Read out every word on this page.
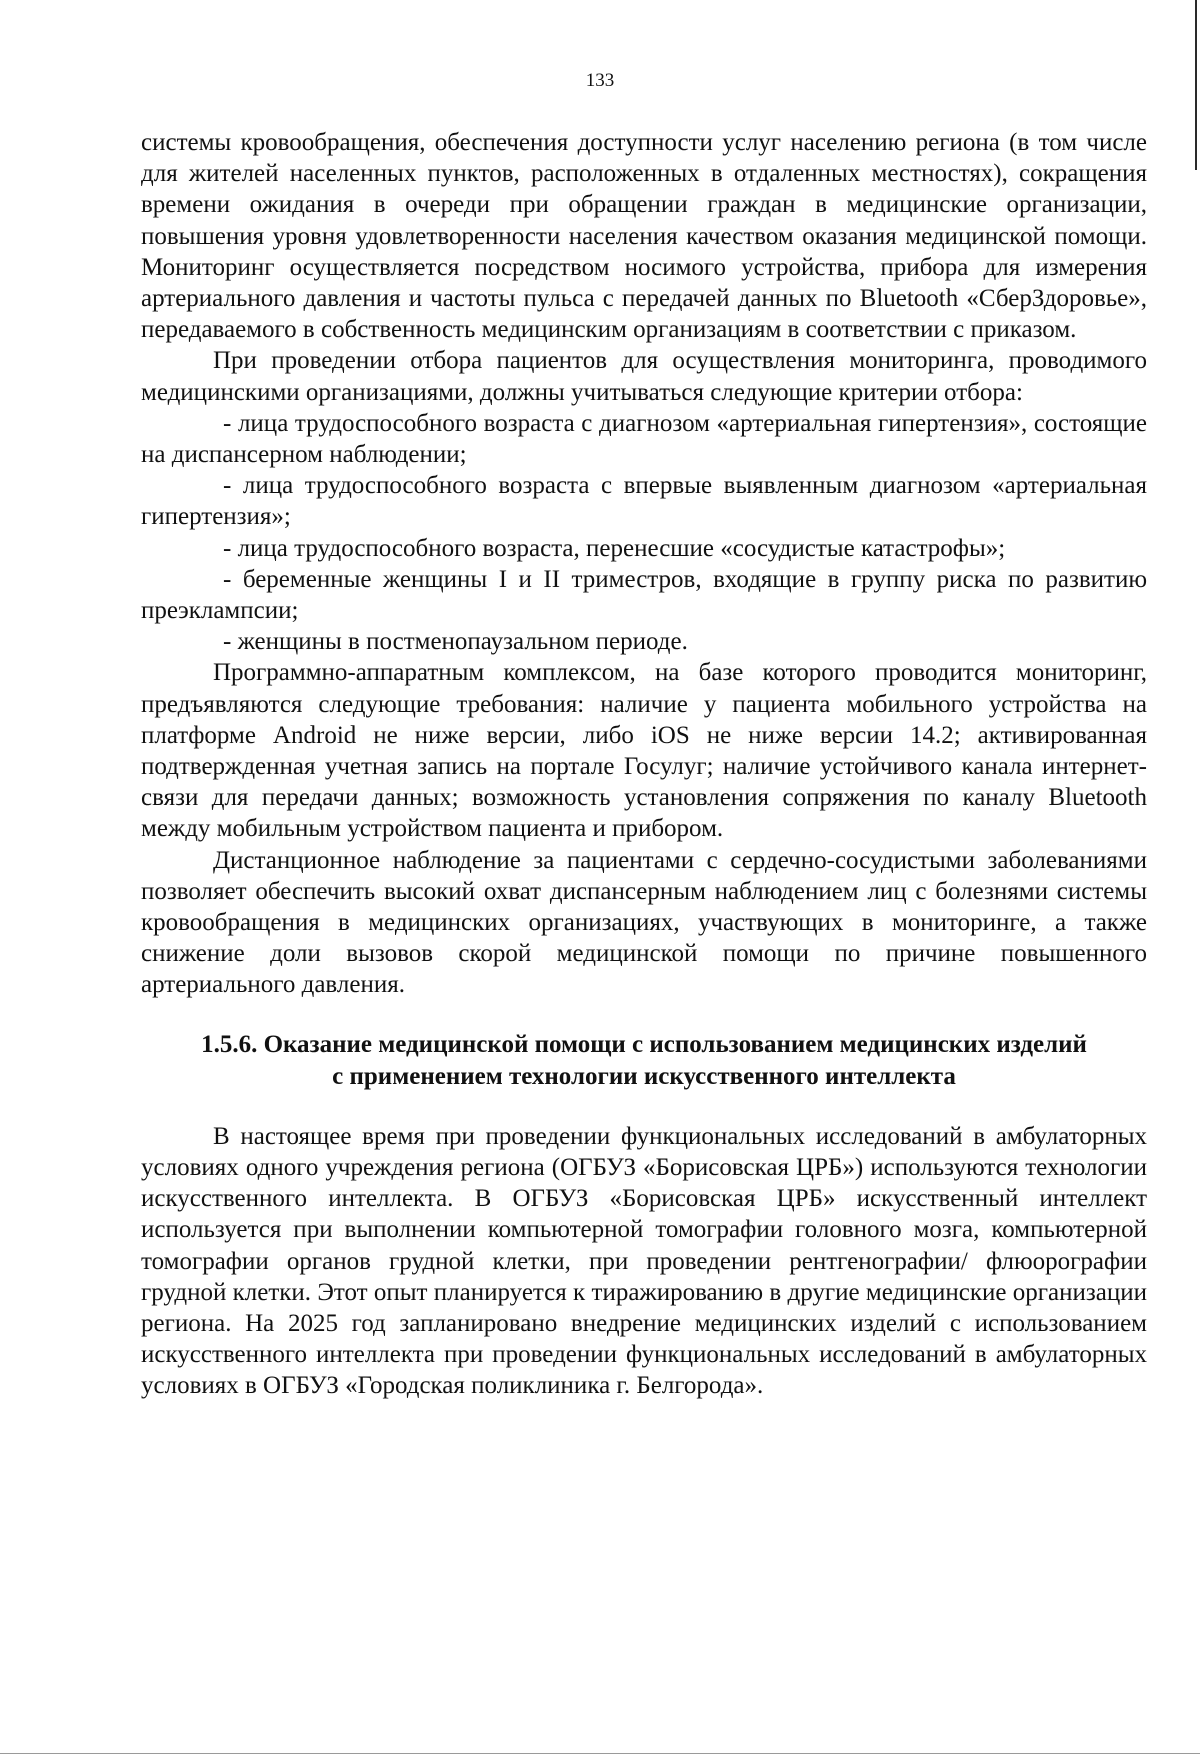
133

системы кровообращения, обеспечения доступности услуг населению региона (в том числе для жителей населенных пунктов, расположенных в отдаленных местностях), сокращения времени ожидания в очереди при обращении граждан в медицинские организации, повышения уровня удовлетворенности населения качеством оказания медицинской помощи. Мониторинг осуществляется посредством носимого устройства, прибора для измерения артериального давления и частоты пульса с передачей данных по Bluetooth «СберЗдоровье», передаваемого в собственность медицинским организациям в соответствии с приказом.

При проведении отбора пациентов для осуществления мониторинга, проводимого медицинскими организациями, должны учитываться следующие критерии отбора:

- лица трудоспособного возраста с диагнозом «артериальная гипертензия», состоящие на диспансерном наблюдении;

- лица трудоспособного возраста с впервые выявленным диагнозом «артериальная гипертензия»;

- лица трудоспособного возраста, перенесшие «сосудистые катастрофы»;

- беременные женщины I и II триместров, входящие в группу риска по развитию преэклампсии;

- женщины в постменопаузальном периоде.

Программно-аппаратным комплексом, на базе которого проводится мониторинг, предъявляются следующие требования: наличие у пациента мобильного устройства на платформе Android не ниже версии, либо iOS не ниже версии 14.2; активированная подтвержденная учетная запись на портале Госулуг; наличие устойчивого канала интернет-связи для передачи данных; возможность установления сопряжения по каналу Bluetooth между мобильным устройством пациента и прибором.

Дистанционное наблюдение за пациентами с сердечно-сосудистыми заболеваниями позволяет обеспечить высокий охват диспансерным наблюдением лиц с болезнями системы кровообращения в медицинских организациях, участвующих в мониторинге, а также снижение доли вызовов скорой медицинской помощи по причине повышенного артериального давления.

1.5.6. Оказание медицинской помощи с использованием медицинских изделий с применением технологии искусственного интеллекта

В настоящее время при проведении функциональных исследований в амбулаторных условиях одного учреждения региона (ОГБУЗ «Борисовская ЦРБ») используются технологии искусственного интеллекта. В ОГБУЗ «Борисовская ЦРБ» искусственный интеллект используется при выполнении компьютерной томографии головного мозга, компьютерной томографии органов грудной клетки, при проведении рентгенографии/ флюорографии грудной клетки. Этот опыт планируется к тиражированию в другие медицинские организации региона. На 2025 год запланировано внедрение медицинских изделий с использованием искусственного интеллекта при проведении функциональных исследований в амбулаторных условиях в ОГБУЗ «Городская поликлиника г. Белгорода».
